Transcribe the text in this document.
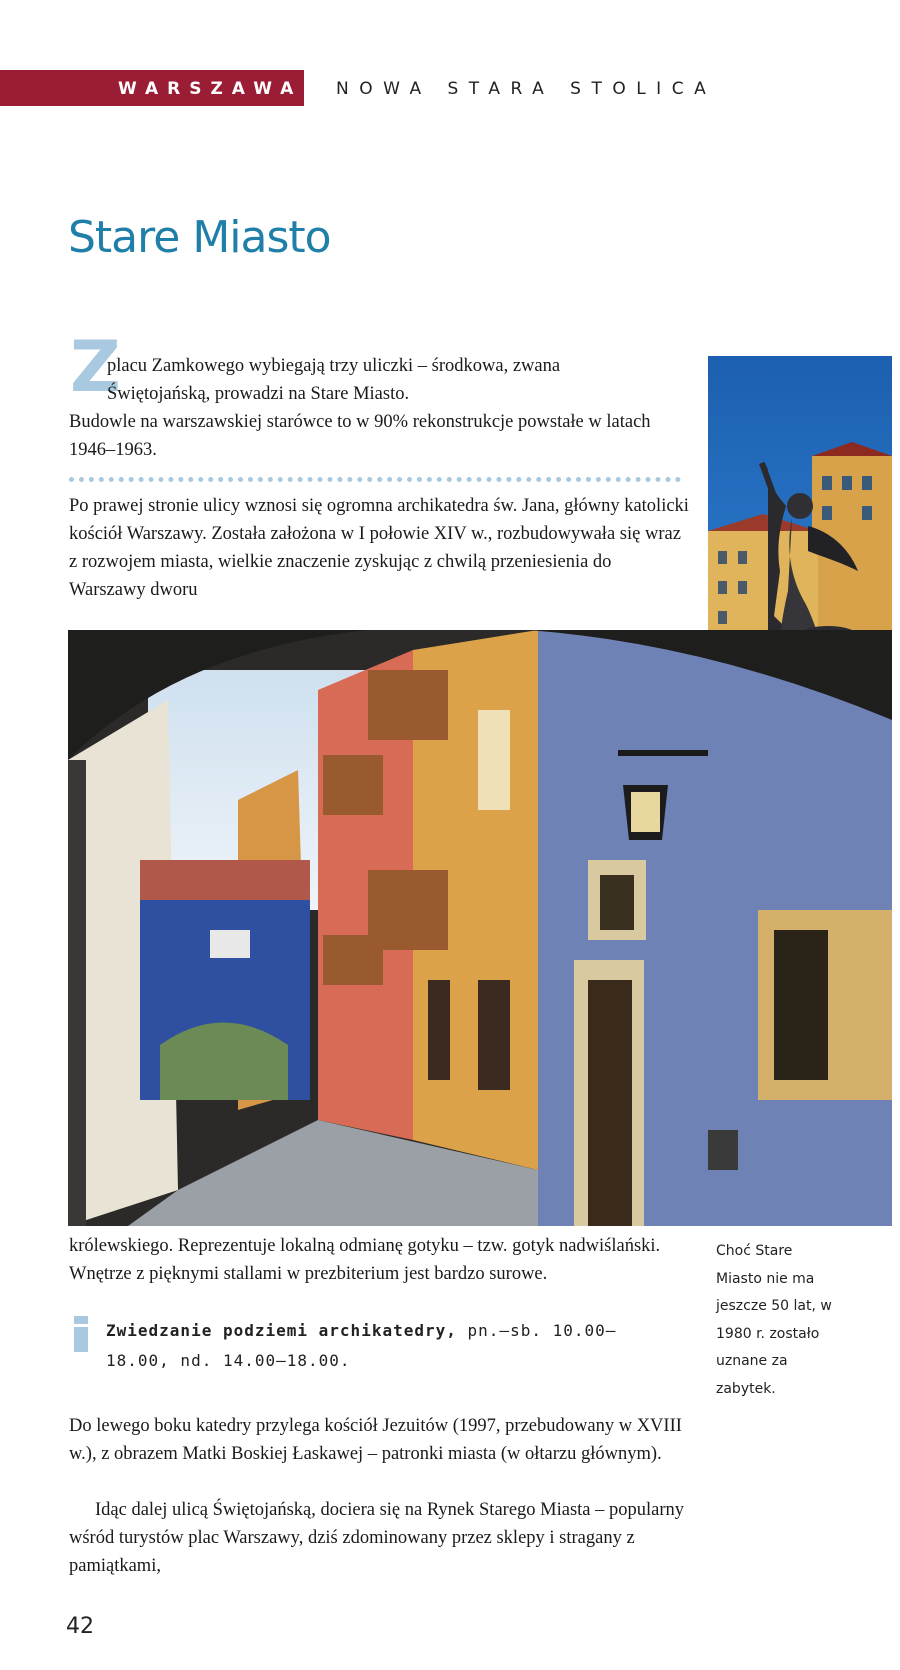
WARSZAWA NOWA STARA STOLICA
Stare Miasto
Z

placu Zamkowego wybiegają trzy uliczki – środkowa, zwana Świętojańską, prowadzi na Stare Miasto.

Budowle na warszawskiej starówce to w 90% rekonstrukcje powstałe w latach 1946–1963.

Po prawej stronie ulicy wznosi się ogromna archikatedra św. Jana, główny katolicki kościół Warszawy. Została założona w I połowie XIV w., rozbudowywała się wraz z rozwojem miasta, wielkie znaczenie zyskując z chwilą przeniesienia do Warszawy dworu

królewskiego. Reprezentuje lokalną odmianę gotyku – tzw. gotyk nadwiślański. Wnętrze z pięknymi stallami w prezbiterium jest bardzo surowe.

Zwiedzanie podziemi archikatedry, pn.–sb. 10.00–18.00, nd. 14.00–18.00.

Choć Stare Miasto nie ma jeszcze 50 lat, w 1980 r. zostało uznane za zabytek.

Do lewego boku katedry przylega kościół Jezuitów (1997, przebudowany w XVIII w.), z obrazem Matki Boskiej Łaskawej – patronki miasta (w ołtarzu głównym).

Idąc dalej ulicą Świętojańską, dociera się na Rynek Starego Miasta – popularny wśród turystów plac Warszawy, dziś zdominowany przez sklepy i stragany z pamiątkami,

42
